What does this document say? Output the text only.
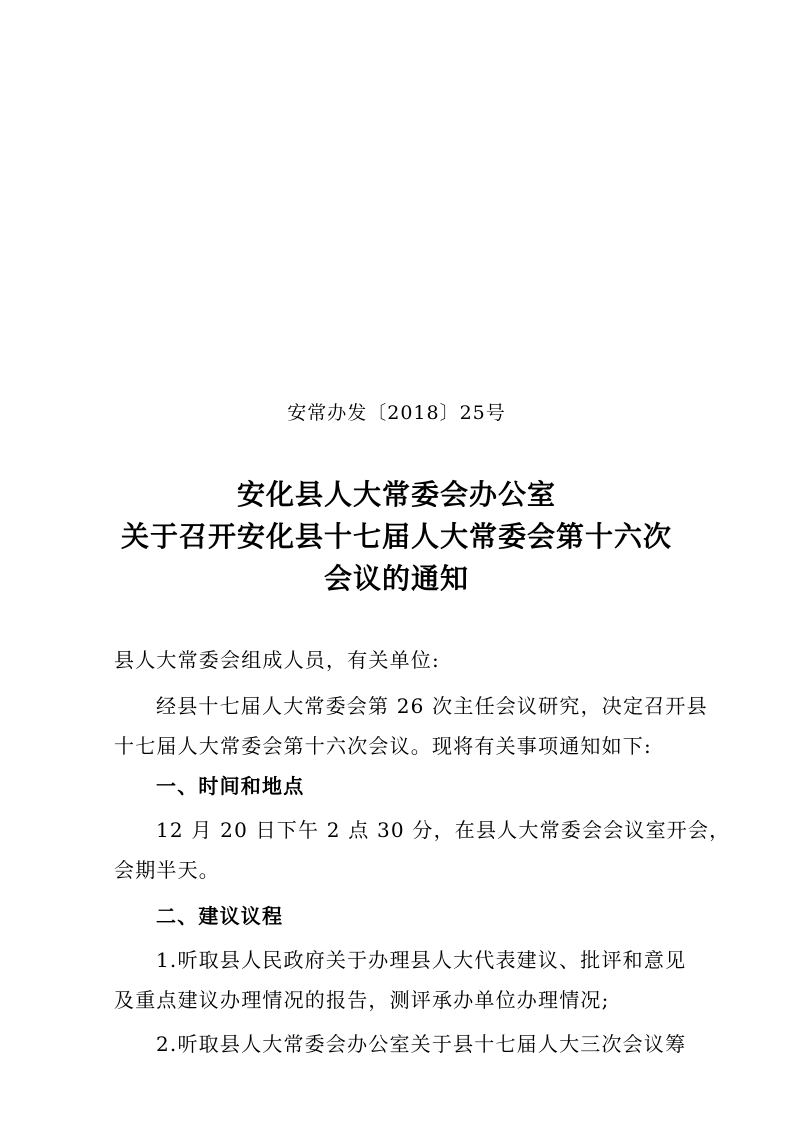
安常办发〔2018〕25号
安化县人大常委会办公室
关于召开安化县十七届人大常委会第十六次
会议的通知
县人大常委会组成人员，有关单位:
经县十七届人大常委会第 26 次主任会议研究，决定召开县
十七届人大常委会第十六次会议。现将有关事项通知如下:
一、时间和地点
12 月 20 日下午 2 点 30 分，在县人大常委会会议室开会，
会期半天。
二、建议议程
1.听取县人民政府关于办理县人大代表建议、批评和意见
及重点建议办理情况的报告，测评承办单位办理情况;
2.听取县人大常委会办公室关于县十七届人大三次会议筹
